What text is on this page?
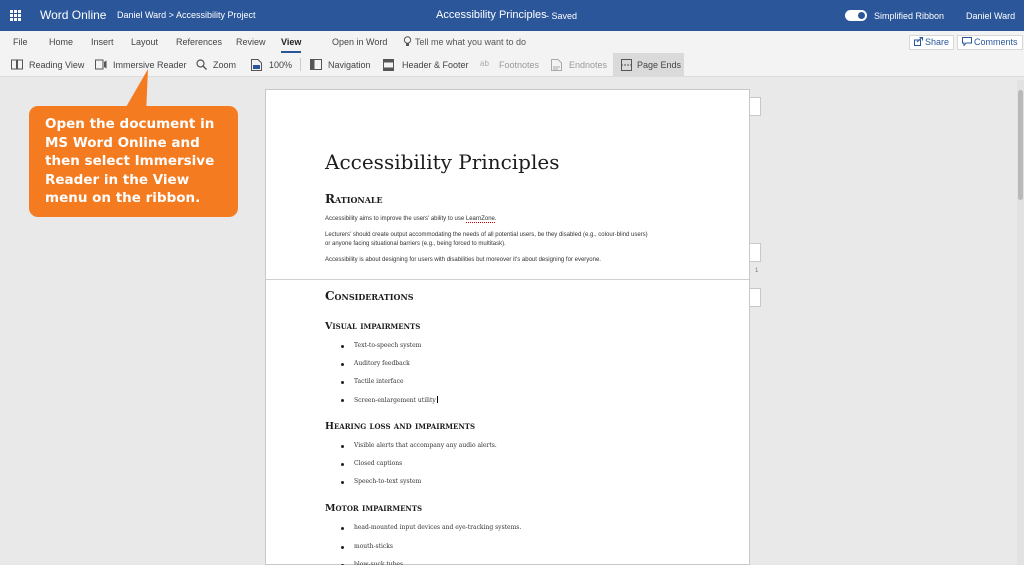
Word Online Daniel Ward > Accessibility Project	Accessibility Principles - Saved	Simplified Ribbon Daniel Ward
File Home Insert Layout References Review View	Open in Word	Tell me what you want to do	Share	Comments
Reading View	Immersive Reader	Zoom	100%	Navigation	Header & Footer ab Footnotes	Endnotes	Page Ends
1
Accessibility Principles
Rationale
Accessibility aims to improve the users' ability to use LearnZone.
Lecturers' should create output accommodating the needs of all potential users, be they disabled (e.g., colour-blind users)
or anyone facing situational barriers (e.g., being forced to multitask).
Accessibility is about designing for users with disabilities but moreover it's about designing for everyone.
Considerations
Visual impairments
Text-to-speech system
Auditory feedback
Tactile interface
Screen-enlargement utility
Hearing loss and impairments
Visible alerts that accompany any audio alerts.
Closed captions
Speech-to-text system
Motor impairments
head-mounted input devices and eye-tracking systems.
mouth-sticks
blow-suck tubes
Open the document in MS Word Online and then select Immersive Reader in the View menu on the ribbon.
